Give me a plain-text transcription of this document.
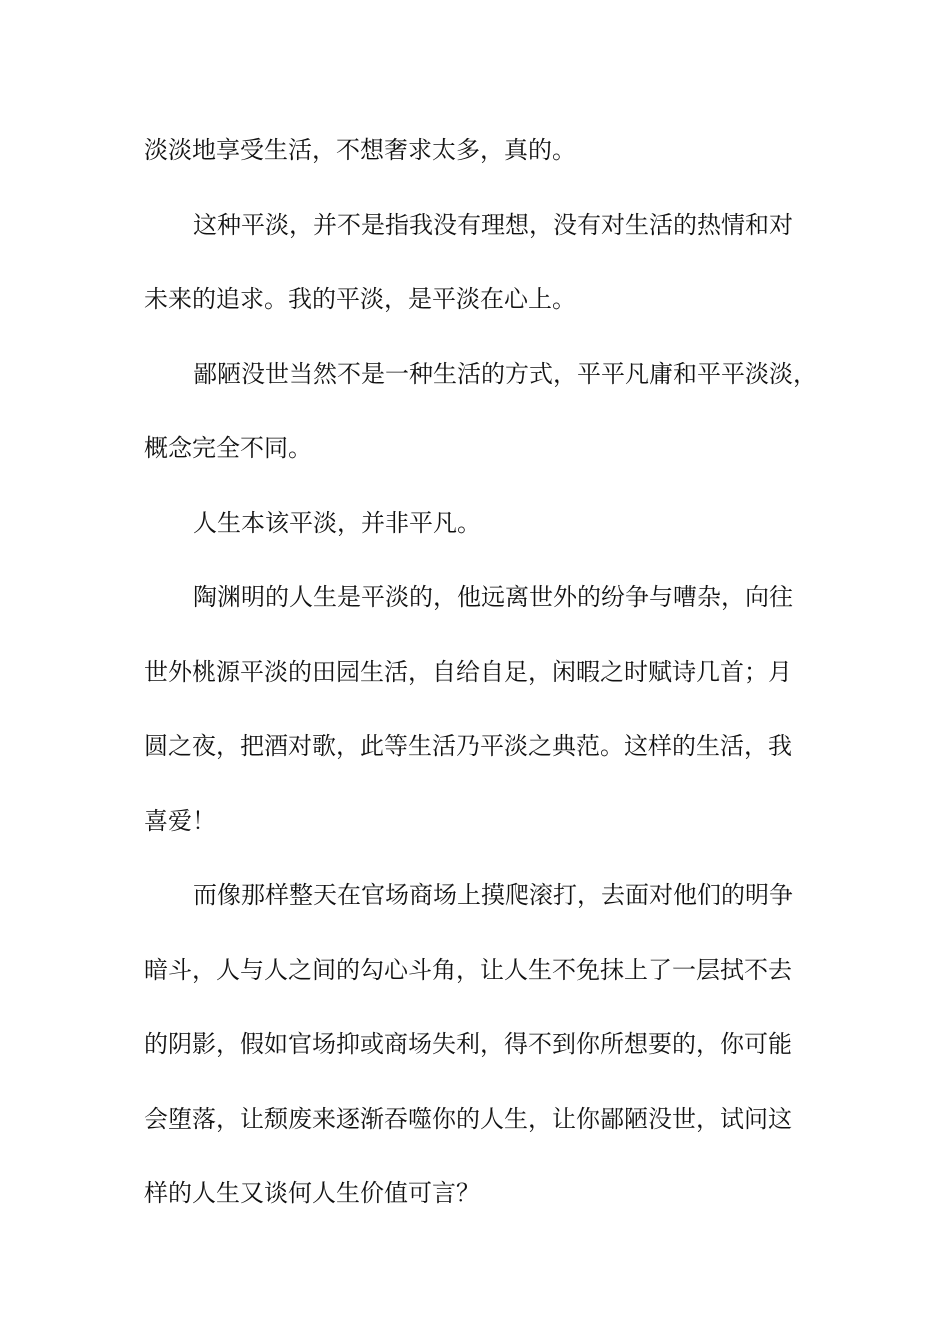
淡淡地享受生活，不想奢求太多，真的。
这种平淡，并不是指我没有理想，没有对生活的热情和对
未来的追求。我的平淡，是平淡在心上。
鄙陋没世当然不是一种生活的方式，平平凡庸和平平淡淡，
概念完全不同。
人生本该平淡，并非平凡。
陶渊明的人生是平淡的，他远离世外的纷争与嘈杂，向往
世外桃源平淡的田园生活，自给自足，闲暇之时赋诗几首；月
圆之夜，把酒对歌，此等生活乃平淡之典范。这样的生活，我
喜爱！
而像那样整天在官场商场上摸爬滚打，去面对他们的明争
暗斗，人与人之间的勾心斗角，让人生不免抹上了一层拭不去
的阴影，假如官场抑或商场失利，得不到你所想要的，你可能
会堕落，让颓废来逐渐吞噬你的人生，让你鄙陋没世，试问这
样的人生又谈何人生价值可言？
